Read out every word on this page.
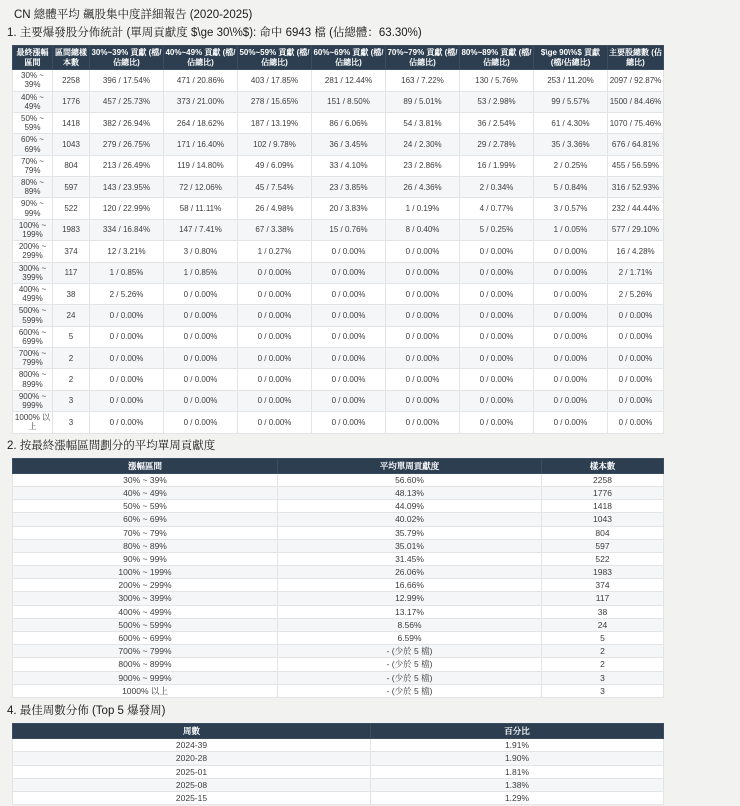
CN 總體平均 飆股集中度詳細報告 (2020-2025)
1. 主要爆發股分佈統計 (單周貢獻度 $\ge 30\%$): 命中 6943 檔 (佔總體：63.30%)
最終漲幅區間	區間總樣本數	30%~39% 貢獻 (檔/佔總比)	40%~49% 貢獻 (檔/佔總比)	50%~59% 貢獻 (檔/佔總比)	60%~69% 貢獻 (檔/佔總比)	70%~79% 貢獻 (檔/佔總比)	80%~89% 貢獻 (檔/佔總比)	$\ge 90\%$ 貢獻 (檔/佔總比)	主要股總數 (佔總比)
30% ~ 39%	2258	396 / 17.54%	471 / 20.86%	403 / 17.85%	281 / 12.44%	163 / 7.22%	130 / 5.76%	253 / 11.20%	2097 / 92.87%
40% ~ 49%	1776	457 / 25.73%	373 / 21.00%	278 / 15.65%	151 / 8.50%	89 / 5.01%	53 / 2.98%	99 / 5.57%	1500 / 84.46%
50% ~ 59%	1418	382 / 26.94%	264 / 18.62%	187 / 13.19%	86 / 6.06%	54 / 3.81%	36 / 2.54%	61 / 4.30%	1070 / 75.46%
60% ~ 69%	1043	279 / 26.75%	171 / 16.40%	102 / 9.78%	36 / 3.45%	24 / 2.30%	29 / 2.78%	35 / 3.36%	676 / 64.81%
70% ~ 79%	804	213 / 26.49%	119 / 14.80%	49 / 6.09%	33 / 4.10%	23 / 2.86%	16 / 1.99%	2 / 0.25%	455 / 56.59%
80% ~ 89%	597	143 / 23.95%	72 / 12.06%	45 / 7.54%	23 / 3.85%	26 / 4.36%	2 / 0.34%	5 / 0.84%	316 / 52.93%
90% ~ 99%	522	120 / 22.99%	58 / 11.11%	26 / 4.98%	20 / 3.83%	1 / 0.19%	4 / 0.77%	3 / 0.57%	232 / 44.44%
100% ~ 199%	1983	334 / 16.84%	147 / 7.41%	67 / 3.38%	15 / 0.76%	8 / 0.40%	5 / 0.25%	1 / 0.05%	577 / 29.10%
200% ~ 299%	374	12 / 3.21%	3 / 0.80%	1 / 0.27%	0 / 0.00%	0 / 0.00%	0 / 0.00%	0 / 0.00%	16 / 4.28%
300% ~ 399%	117	1 / 0.85%	1 / 0.85%	0 / 0.00%	0 / 0.00%	0 / 0.00%	0 / 0.00%	0 / 0.00%	2 / 1.71%
400% ~ 499%	38	2 / 5.26%	0 / 0.00%	0 / 0.00%	0 / 0.00%	0 / 0.00%	0 / 0.00%	0 / 0.00%	2 / 5.26%
500% ~ 599%	24	0 / 0.00%	0 / 0.00%	0 / 0.00%	0 / 0.00%	0 / 0.00%	0 / 0.00%	0 / 0.00%	0 / 0.00%
600% ~ 699%	5	0 / 0.00%	0 / 0.00%	0 / 0.00%	0 / 0.00%	0 / 0.00%	0 / 0.00%	0 / 0.00%	0 / 0.00%
700% ~ 799%	2	0 / 0.00%	0 / 0.00%	0 / 0.00%	0 / 0.00%	0 / 0.00%	0 / 0.00%	0 / 0.00%	0 / 0.00%
800% ~ 899%	2	0 / 0.00%	0 / 0.00%	0 / 0.00%	0 / 0.00%	0 / 0.00%	0 / 0.00%	0 / 0.00%	0 / 0.00%
900% ~ 999%	3	0 / 0.00%	0 / 0.00%	0 / 0.00%	0 / 0.00%	0 / 0.00%	0 / 0.00%	0 / 0.00%	0 / 0.00%
1000% 以上	3	0 / 0.00%	0 / 0.00%	0 / 0.00%	0 / 0.00%	0 / 0.00%	0 / 0.00%	0 / 0.00%	0 / 0.00%
2. 按最終漲幅區間劃分的平均單周貢獻度
漲幅區間	平均單周貢獻度	樣本數
30% ~ 39%	56.60%	2258
40% ~ 49%	48.13%	1776
50% ~ 59%	44.09%	1418
60% ~ 69%	40.02%	1043
70% ~ 79%	35.79%	804
80% ~ 89%	35.01%	597
90% ~ 99%	31.45%	522
100% ~ 199%	26.06%	1983
200% ~ 299%	16.66%	374
300% ~ 399%	12.99%	117
400% ~ 499%	13.17%	38
500% ~ 599%	8.56%	24
600% ~ 699%	6.59%	5
700% ~ 799%	- (少於 5 檔)	2
800% ~ 899%	- (少於 5 檔)	2
900% ~ 999%	- (少於 5 檔)	3
1000% 以上	- (少於 5 檔)	3
4. 最佳周數分佈 (Top 5 爆發周)
周數	百分比
2024-39	1.91%
2020-28	1.90%
2025-01	1.81%
2025-08	1.38%
2025-15	1.29%
